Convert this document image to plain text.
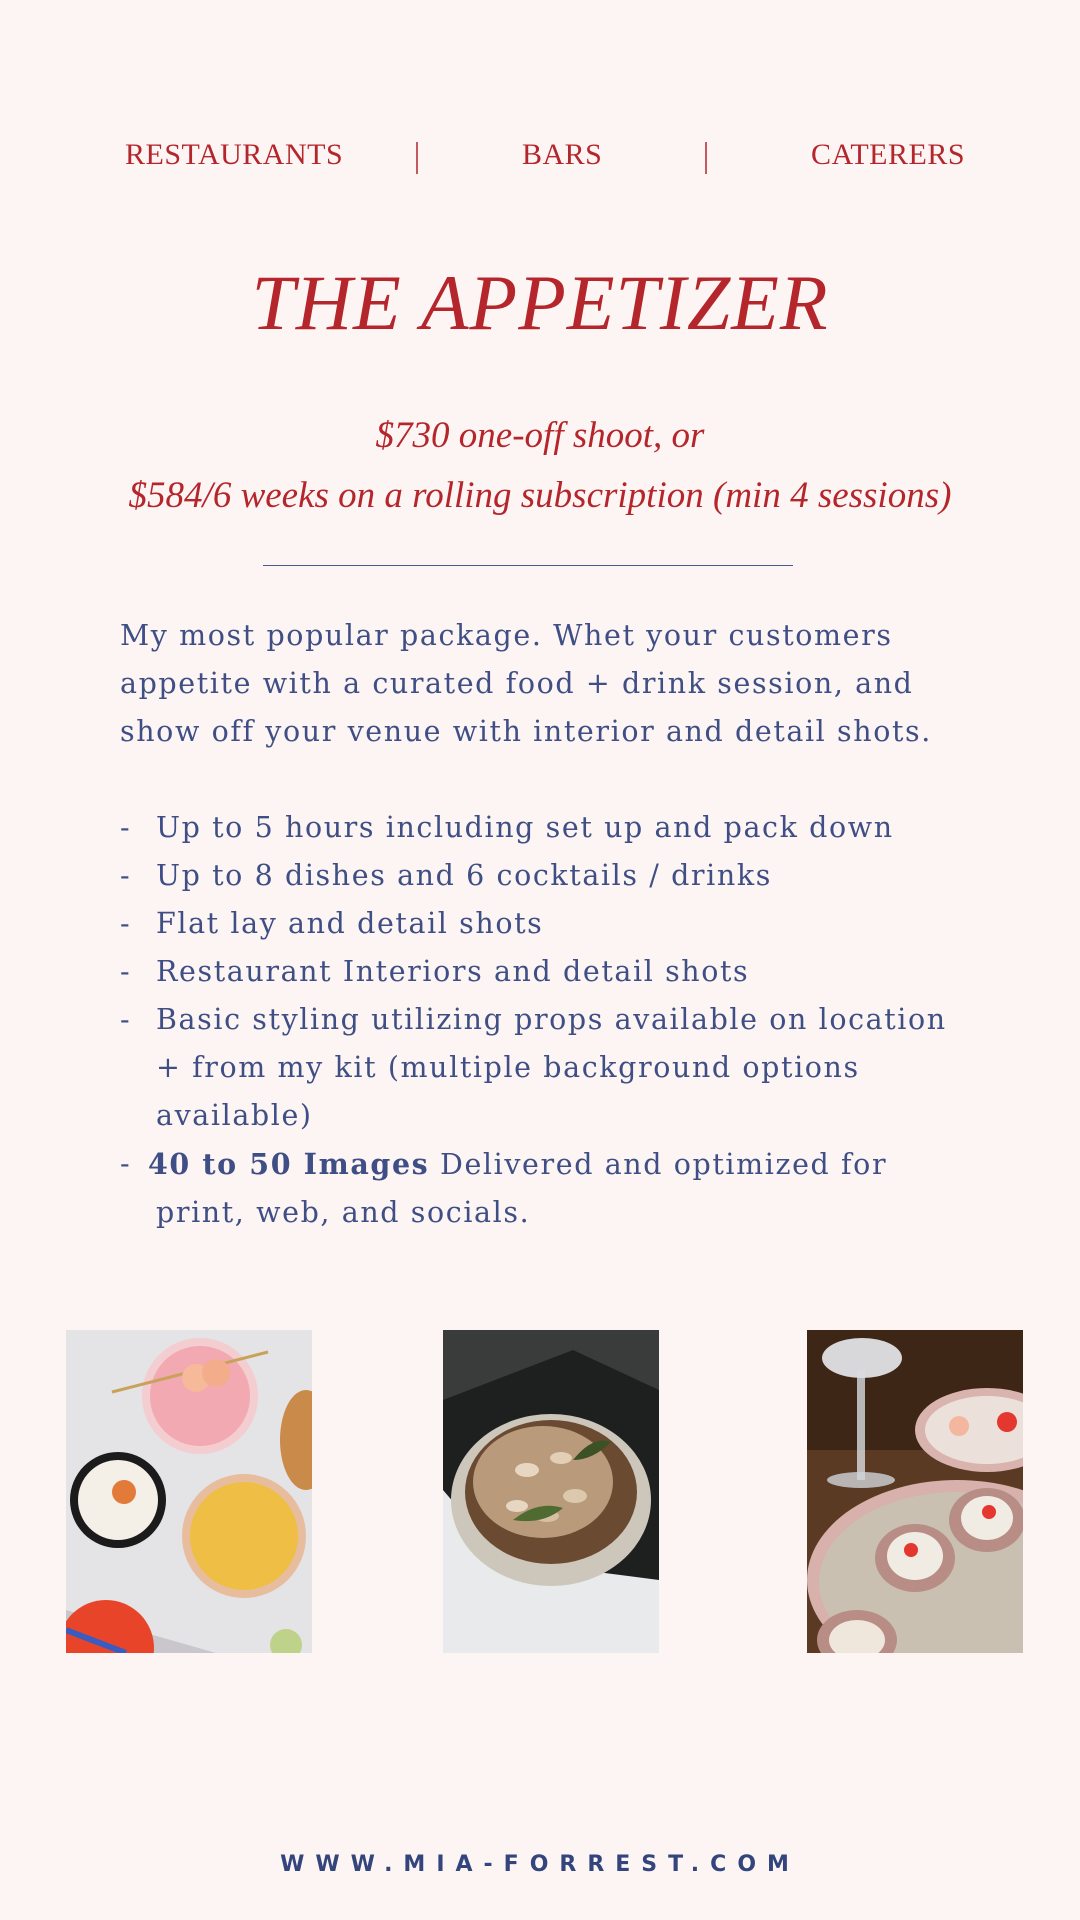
RESTAURANTS	BARS	CATERERS
THE APPETIZER
$730 one-off shoot, or
$584/6 weeks on a rolling subscription (min 4 sessions)

My most popular package. Whet your customers

appetite with a curated food + drink session, and

show off your venue with interior and detail shots.

- Up to 5 hours including set up and pack down
- Up to 8 dishes and 6 cocktails / drinks
- Flat lay and detail shots
- Restaurant Interiors and detail shots
- Basic styling utilizing props available on location
+ from my kit (multiple background options
available)
- 40 to 50 Images Delivered and optimized for
print, web, and socials.
WWW.MIA-FORREST.COM
